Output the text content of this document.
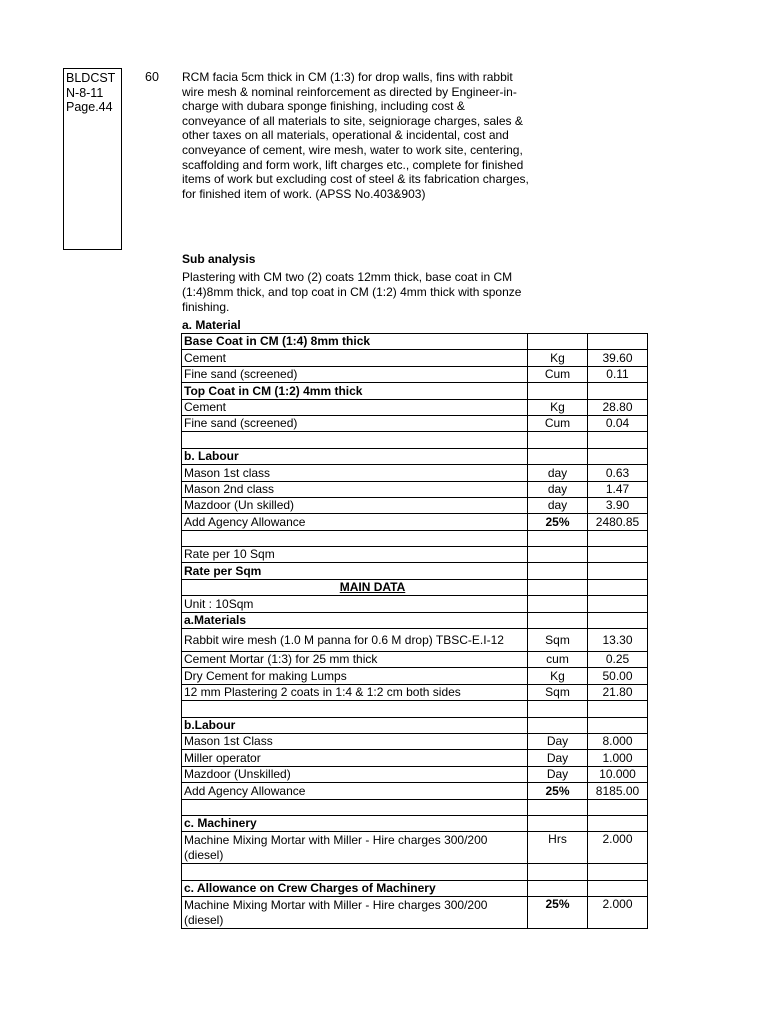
BLDCST
N-8-11
Page.44
60 RCM facia 5cm thick in CM (1:3) for drop walls, fins with rabbit wire mesh & nominal reinforcement as directed by Engineer-in-charge with dubara sponge finishing, including cost & conveyance of all materials to site, seigniorage charges, sales & other taxes on all materials, operational & incidental, cost and conveyance of cement, wire mesh, water to work site, centering, scaffolding and form work, lift charges etc., complete for finished items of work but excluding cost of steel & its fabrication charges, for finished item of work. (APSS No.403&903)
Sub analysis
Plastering with CM two (2) coats 12mm thick, base coat in CM (1:4)8mm thick, and top coat in CM (1:2) 4mm thick with sponze finishing.
a. Material
Base Coat in CM (1:4) 8mm thick		
Cement	Kg	39.60
Fine sand (screened)	Cum	0.11
Top Coat in CM (1:2) 4mm thick		
Cement	Kg	28.80
Fine sand (screened)	Cum	0.04

b. Labour		
Mason 1st class	day	0.63
Mason 2nd class	day	1.47
Mazdoor (Un skilled)	day	3.90
Add Agency Allowance	25%	2480.85

Rate per 10 Sqm		
Rate per Sqm		

MAIN DATA		

Unit : 10Sqm		
a.Materials		
Rabbit wire mesh (1.0 M panna for 0.6 M drop) TBSC-E.I-12	Sqm	13.30
Cement Mortar (1:3) for 25 mm thick	cum	0.25
Dry Cement for making Lumps	Kg	50.00
12 mm Plastering 2 coats in 1:4 & 1:2 cm both sides	Sqm	21.80

b.Labour		
Mason 1st Class	Day	8.000
Miller operator	Day	1.000
Mazdoor (Unskilled)	Day	10.000
Add Agency Allowance	25%	8185.00

c. Machinery		
Machine Mixing Mortar with Miller - Hire charges 300/200 (diesel)	Hrs	2.000

c. Allowance on Crew Charges of Machinery		
Machine Mixing Mortar with Miller - Hire charges 300/200 (diesel)	25%	2.000
